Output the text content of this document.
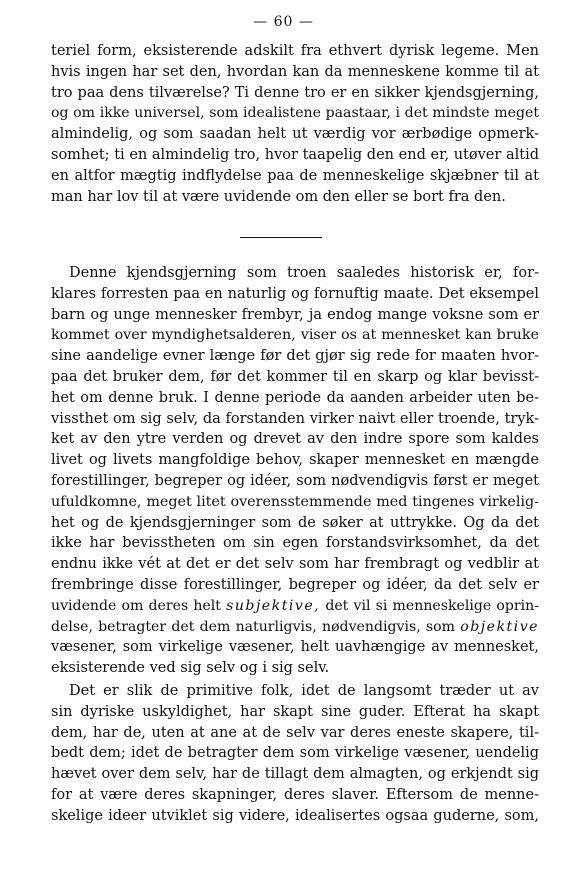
— 60 —
teriel form, eksisterende adskilt fra ethvert dyrisk legeme. Men
hvis ingen har set den, hvordan kan da menneskene komme til at
tro paa dens tilværelse? Ti denne tro er en sikker kjendsgjerning,
og om ikke universel, som idealistene paastaar, i det mindste meget
almindelig, og som saadan helt ut værdig vor ærbødige opmerk-
somhet; ti en almindelig tro, hvor taapelig den end er, utøver altid
en altfor mægtig indflydelse paa de menneskelige skjæbner til at
man har lov til at være uvidende om den eller se bort fra den.
Denne kjendsgjerning som troen saaledes historisk er, for-
klares forresten paa en naturlig og fornuftig maate. Det eksempel
barn og unge mennesker frembyr, ja endog mange voksne som er
kommet over myndighetsalderen, viser os at mennesket kan bruke
sine aandelige evner længe før det gjør sig rede for maaten hvor-
paa det bruker dem, før det kommer til en skarp og klar bevisst-
het om denne bruk. I denne periode da aanden arbeider uten be-
vissthet om sig selv, da forstanden virker naivt eller troende, tryk-
ket av den ytre verden og drevet av den indre spore som kaldes
livet og livets mangfoldige behov, skaper mennesket en mængde
forestillinger, begreper og idéer, som nødvendigvis først er meget
ufuldkomne, meget litet overensstemmende med tingenes virkelig-
het og de kjendsgjerninger som de søker at uttrykke. Og da det
ikke har bevisstheten om sin egen forstandsvirksomhet, da det
endnu ikke vét at det er det selv som har frembragt og vedblir at
frembringe disse forestillinger, begreper og idéer, da det selv er
uvidende om deres helt subjektive, det vil si menneskelige oprin-
delse, betragter det dem naturligvis, nødvendigvis, som objektive
væsener, som virkelige væsener, helt uavhængige av mennesket,
eksisterende ved sig selv og i sig selv.
Det er slik de primitive folk, idet de langsomt træder ut av
sin dyriske uskyldighet, har skapt sine guder. Efterat ha skapt
dem, har de, uten at ane at de selv var deres eneste skapere, til-
bedt dem; idet de betragter dem som virkelige væsener, uendelig
hævet over dem selv, har de tillagt dem almagten, og erkjendt sig
for at være deres skapninger, deres slaver. Eftersom de menne-
skelige ideer utviklet sig videre, idealisertes ogsaa guderne, som,
